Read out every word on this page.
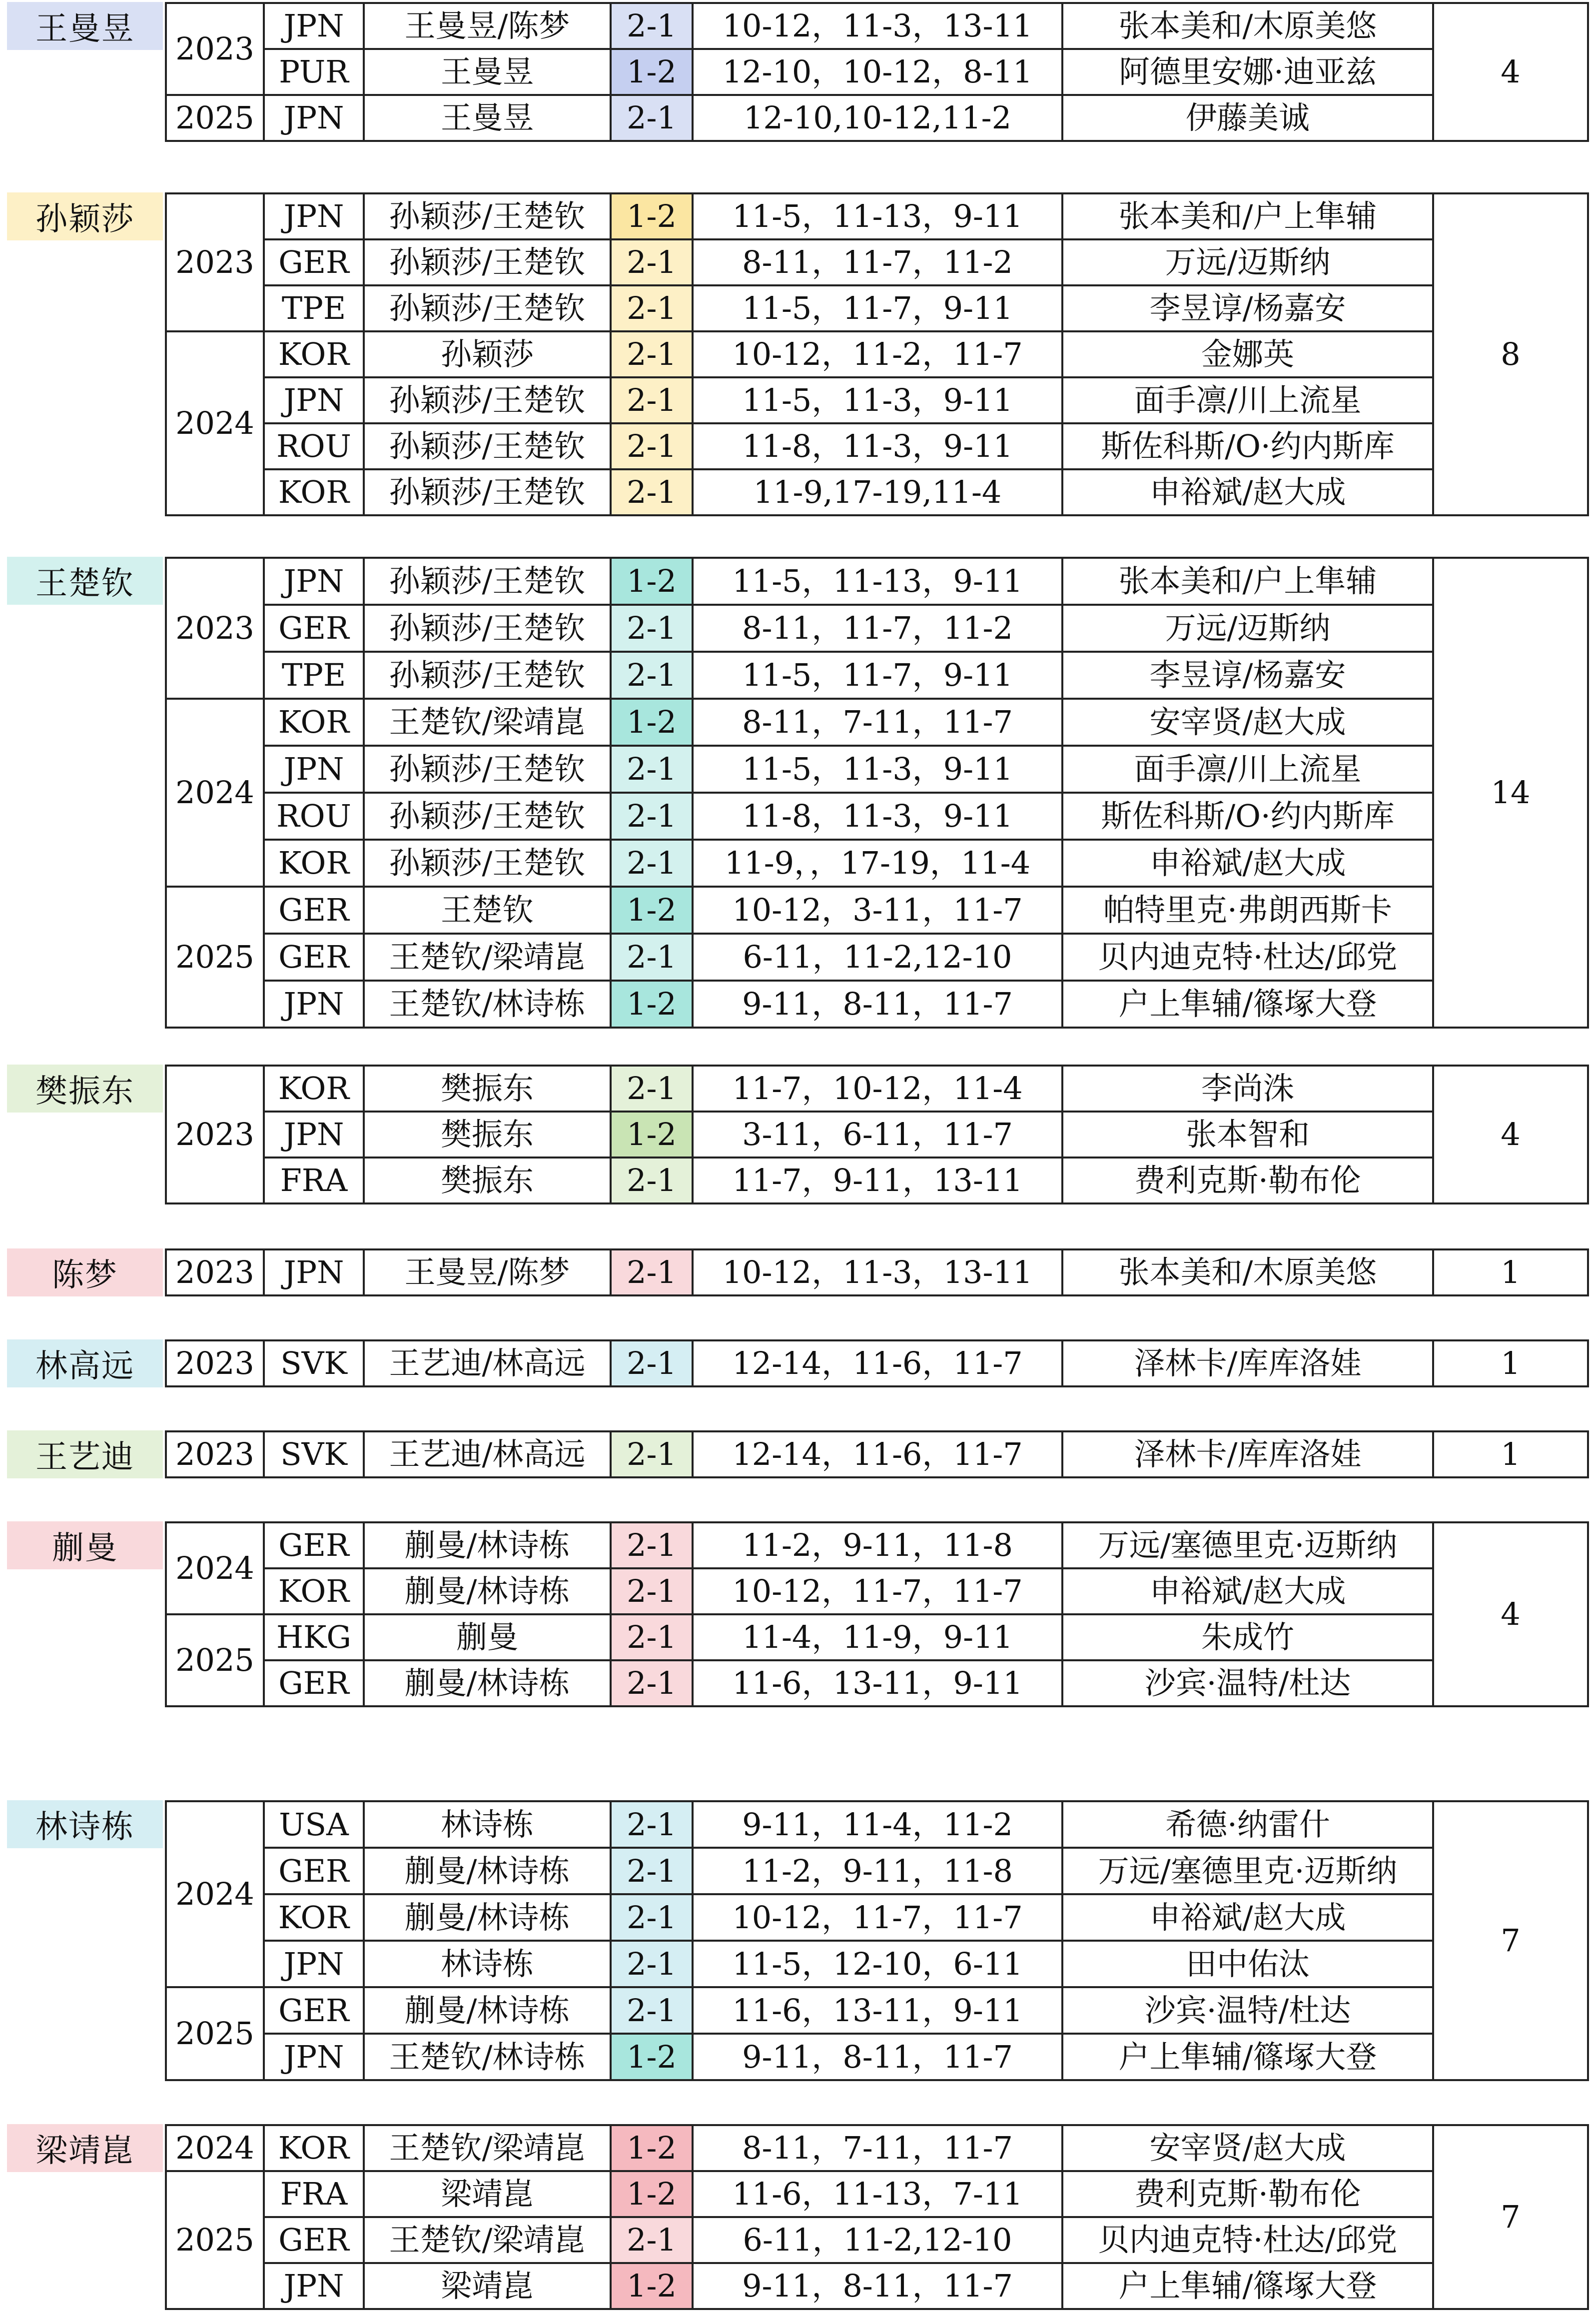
王曼昱
2023	JPN	王曼昱/陈梦	2-1	10-12，11-3，13-11	张本美和/木原美悠	4
	PUR	王曼昱	1-2	12-10，10-12，8-11	阿德里安娜·迪亚兹	
2025	JPN	王曼昱	2-1	12-10,10-12,11-2	伊藤美诚	
孙颖莎
2023	JPN	孙颖莎/王楚钦	1-2	11-5，11-13，9-11	张本美和/户上隼辅	8
	GER	孙颖莎/王楚钦	2-1	8-11，11-7，11-2	万远/迈斯纳	
	TPE	孙颖莎/王楚钦	2-1	11-5，11-7，9-11	李昱谆/杨嘉安	
2024	KOR	孙颖莎	2-1	10-12，11-2，11-7	金娜英	
	JPN	孙颖莎/王楚钦	2-1	11-5，11-3，9-11	面手凛/川上流星	
	ROU	孙颖莎/王楚钦	2-1	11-8，11-3，9-11	斯佐科斯/O·约内斯库	
	KOR	孙颖莎/王楚钦	2-1	11-9,17-19,11-4	申裕斌/赵大成	
王楚钦
2023	JPN	孙颖莎/王楚钦	1-2	11-5，11-13，9-11	张本美和/户上隼辅	14
	GER	孙颖莎/王楚钦	2-1	8-11，11-7，11-2	万远/迈斯纳	
	TPE	孙颖莎/王楚钦	2-1	11-5，11-7，9-11	李昱谆/杨嘉安	
2024	KOR	王楚钦/梁靖崑	1-2	8-11，7-11，11-7	安宰贤/赵大成	
	JPN	孙颖莎/王楚钦	2-1	11-5，11-3，9-11	面手凛/川上流星	
	ROU	孙颖莎/王楚钦	2-1	11-8，11-3，9-11	斯佐科斯/O·约内斯库	
	KOR	孙颖莎/王楚钦	2-1	11-9，，17-19，11-4	申裕斌/赵大成	
2025	GER	王楚钦	1-2	10-12，3-11，11-7	帕特里克·弗朗西斯卡	
	GER	王楚钦/梁靖崑	2-1	6-11，11-2,12-10	贝内迪克特·杜达/邱党	
	JPN	王楚钦/林诗栋	1-2	9-11，8-11，11-7	户上隼辅/篠塚大登	
樊振东
2023	KOR	樊振东	2-1	11-7，10-12，11-4	李尚洙	4
	JPN	樊振东	1-2	3-11，6-11，11-7	张本智和	
	FRA	樊振东	2-1	11-7，9-11，13-11	费利克斯·勒布伦	
陈梦	2023	JPN	王曼昱/陈梦	2-1	10-12，11-3，13-11	张本美和/木原美悠	1
林高远	2023	SVK	王艺迪/林高远	2-1	12-14，11-6，11-7	泽林卡/库库洛娃	1
王艺迪	2023	SVK	王艺迪/林高远	2-1	12-14，11-6，11-7	泽林卡/库库洛娃	1
蒯曼
2024	GER	蒯曼/林诗栋	2-1	11-2，9-11，11-8	万远/塞德里克·迈斯纳	4
	KOR	蒯曼/林诗栋	2-1	10-12，11-7，11-7	申裕斌/赵大成	
2025	HKG	蒯曼	2-1	11-4，11-9，9-11	朱成竹	
	GER	蒯曼/林诗栋	2-1	11-6，13-11，9-11	沙宾·温特/杜达	
林诗栋
2024	USA	林诗栋	2-1	9-11，11-4，11-2	希德·纳雷什	7
	GER	蒯曼/林诗栋	2-1	11-2，9-11，11-8	万远/塞德里克·迈斯纳	
	KOR	蒯曼/林诗栋	2-1	10-12，11-7，11-7	申裕斌/赵大成	
	JPN	林诗栋	2-1	11-5，12-10，6-11	田中佑汰	
2025	GER	蒯曼/林诗栋	2-1	11-6，13-11，9-11	沙宾·温特/杜达	
	JPN	王楚钦/林诗栋	1-2	9-11，8-11，11-7	户上隼辅/篠塚大登	
梁靖崑	2024	KOR	王楚钦/梁靖崑	1-2	8-11，7-11，11-7	安宰贤/赵大成	7
2025	FRA	梁靖崑	1-2	11-6，11-13，7-11	费利克斯·勒布伦	
	GER	王楚钦/梁靖崑	2-1	6-11，11-2,12-10	贝内迪克特·杜达/邱党	
	JPN	梁靖崑	1-2	9-11，8-11，11-7	户上隼辅/篠塚大登	
